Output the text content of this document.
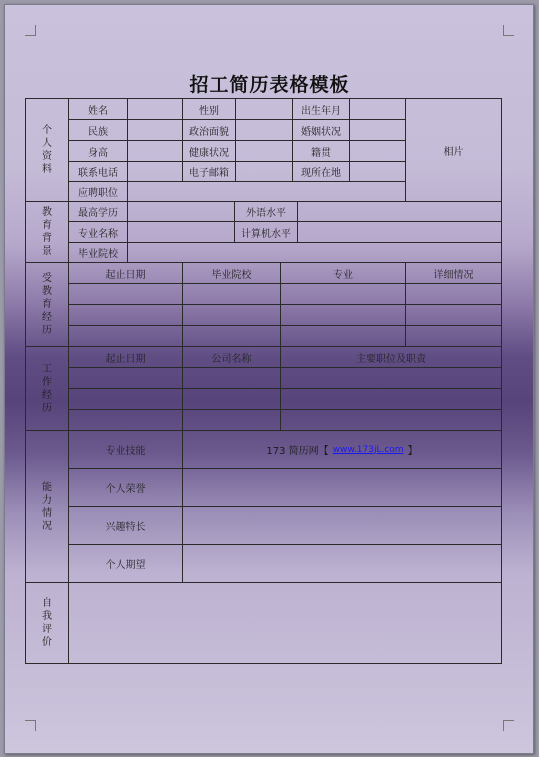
招工简历表格模板
个人资料
姓名	性别	出生年月
民族	政治面貌	婚姻状况
身高	健康状况	籍贯
联系电话	电子邮箱	现所在地
应聘职位
相片
教育背景
最高学历	外语水平
专业名称	计算机水平
毕业院校
受教育经历
起止日期	毕业院校	专业	详细情况
工作经历
起止日期	公司名称	主要职位及职责
能力情况
专业技能	173 简历网【 www.173jL.com 】
个人荣誉
兴趣特长
个人期望
自我评价
